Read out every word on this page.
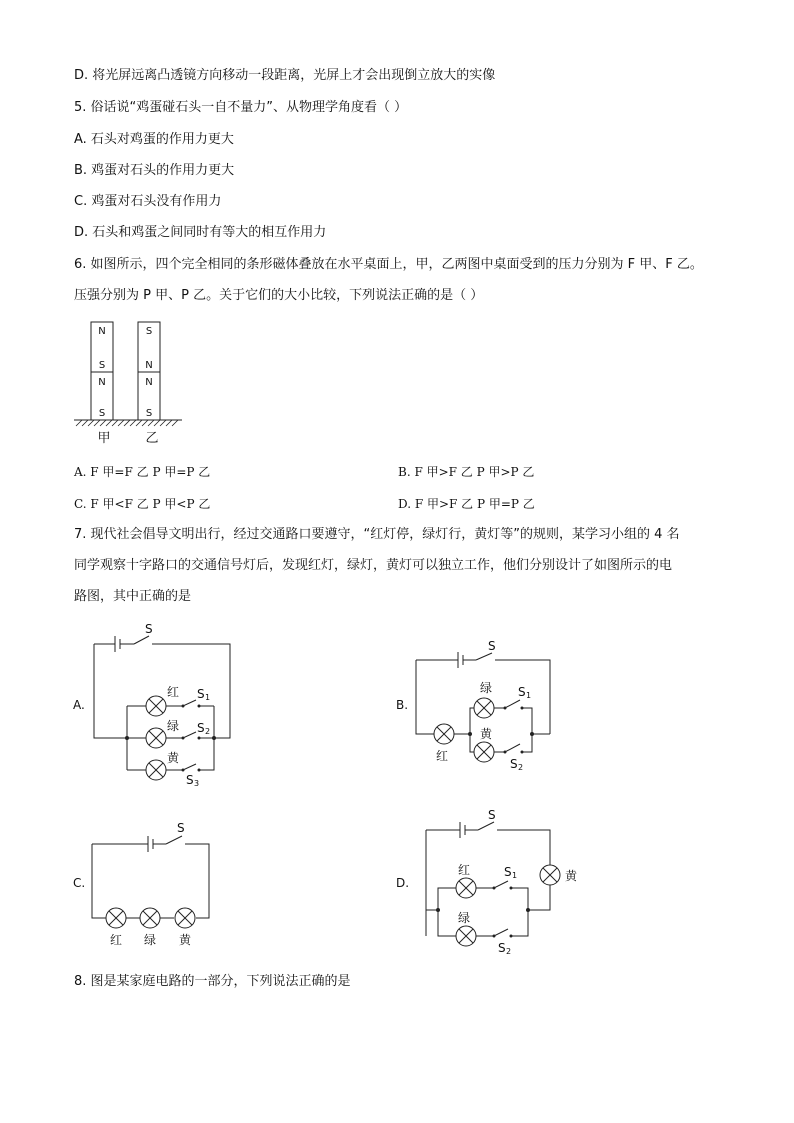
D. 将光屏远离凸透镜方向移动一段距离，光屏上才会出现倒立放大的实像
5. 俗话说“鸡蛋碰石头一自不量力”、从物理学角度看（ ）
A. 石头对鸡蛋的作用力更大
B. 鸡蛋对石头的作用力更大
C. 鸡蛋对石头没有作用力
D. 石头和鸡蛋之间同时有等大的相互作用力
6. 如图所示，四个完全相同的条形磁体叠放在水平桌面上，甲，乙两图中桌面受到的压力分别为 F 甲、F 乙。
压强分别为 P 甲、P 乙。关于它们的大小比较，下列说法正确的是（ ）
N
S
N
S
S
N
N
S
甲	乙
A. F 甲=F 乙 P 甲=P 乙	B. F 甲>F 乙 P 甲>P 乙
C. F 甲<F 乙 P 甲<P 乙	D. F 甲>F 乙 P 甲=P 乙
7. 现代社会倡导文明出行，经过交通路口要遵守，“红灯停，绿灯行，黄灯等”的规则，某学习小组的 4 名
同学观察十字路口的交通信号灯后，发现红灯，绿灯，黄灯可以独立工作，他们分别设计了如图所示的电
路图，其中正确的是
A.
S
红
绿
黄
S 1
S 2
S 3
B.
S
红
绿
黄
S 1
S 2
C.
S
红 绿 黄
D.
S
红
绿
黄
S 1
S 2
8. 图是某家庭电路的一部分，下列说法正确的是
